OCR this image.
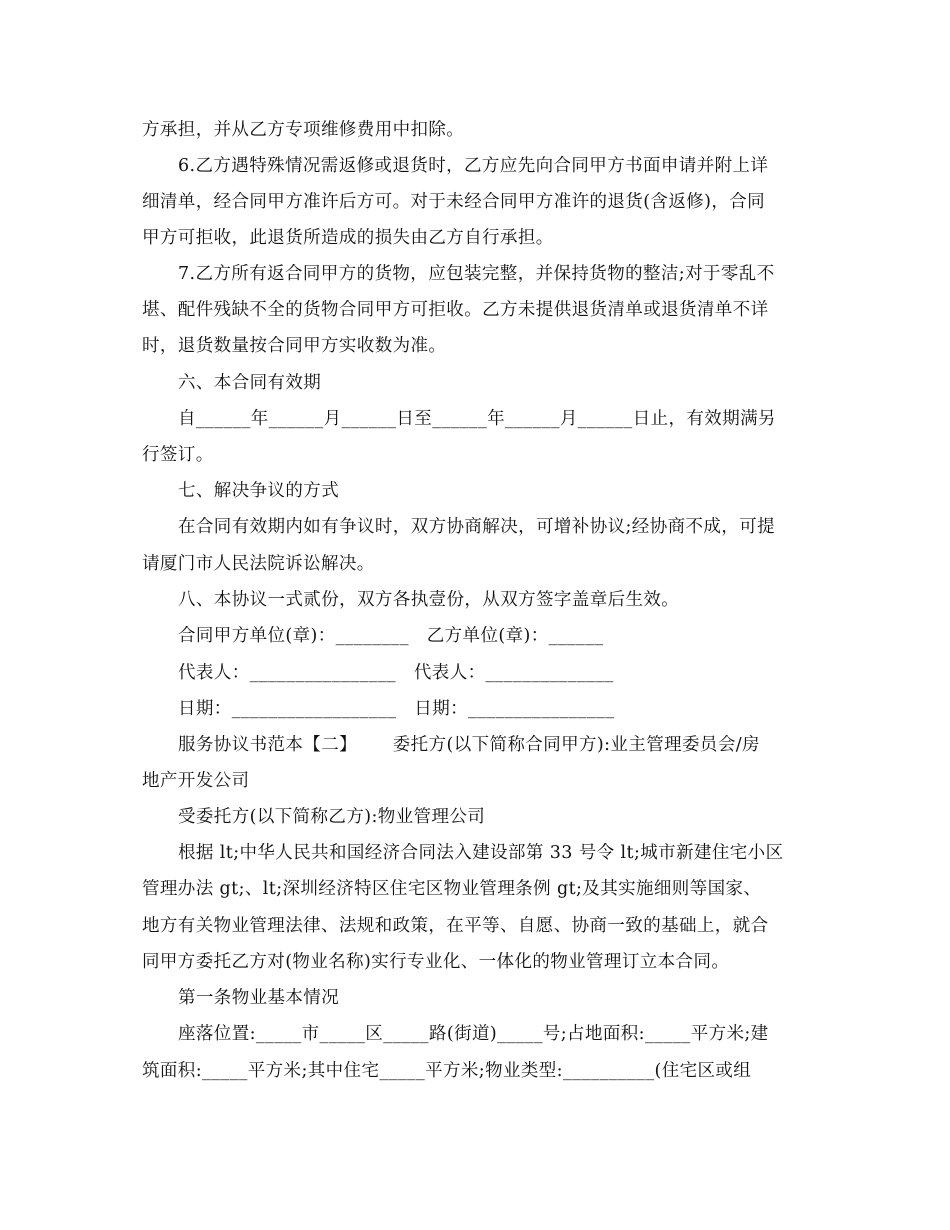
方承担，并从乙方专项维修费用中扣除。
6.乙方遇特殊情况需返修或退货时，乙方应先向合同甲方书面申请并附上详
细清单，经合同甲方准许后方可。对于未经合同甲方准许的退货(含返修)，合同
甲方可拒收，此退货所造成的损失由乙方自行承担。
7.乙方所有返合同甲方的货物，应包装完整，并保持货物的整洁;对于零乱不
堪、配件残缺不全的货物合同甲方可拒收。乙方未提供退货清单或退货清单不详
时，退货数量按合同甲方实收数为准。
六、本合同有效期
自______年______月______日至______年______月______日止，有效期满另
行签订。
七、解决争议的方式
在合同有效期内如有争议时，双方协商解决，可增补协议;经协商不成，可提
请厦门市人民法院诉讼解决。
八、本协议一式贰份，双方各执壹份，从双方签字盖章后生效。
合同甲方单位(章)：________   乙方单位(章)：______
代表人：________________   代表人：______________
日期：__________________   日期：________________
服务协议书范本【二】      委托方(以下简称合同甲方):业主管理委员会/房
地产开发公司
受委托方(以下简称乙方):物业管理公司
根据 lt;中华人民共和国经济合同法入建设部第 33 号令 lt;城市新建住宅小区
管理办法 gt;、lt;深圳经济特区住宅区物业管理条例 gt;及其实施细则等国家、
地方有关物业管理法律、法规和政策，在平等、自愿、协商一致的基础上，就合
同甲方委托乙方对(物业名称)实行专业化、一体化的物业管理订立本合同。
第一条物业基本情况
座落位置:_____市_____区_____路(街道)_____号;占地面积:_____平方米;建
筑面积:_____平方米;其中住宅_____平方米;物业类型:__________(住宅区或组
